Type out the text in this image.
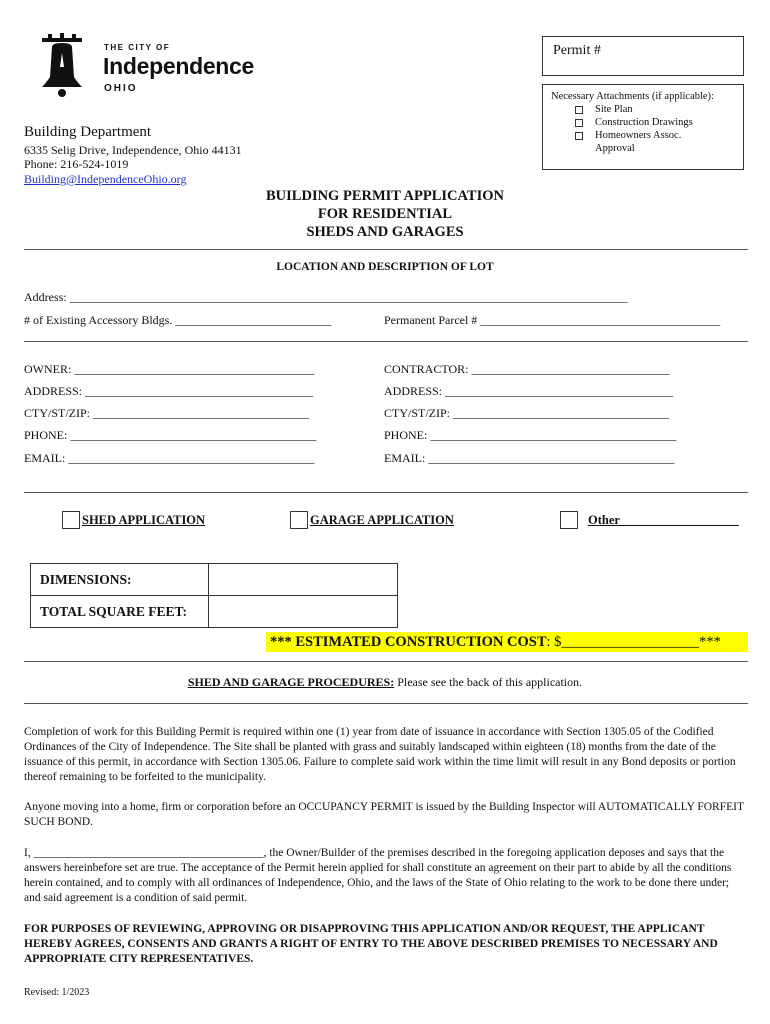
THE CITY OF
Independence
OHIO
Permit #
Necessary Attachments (if applicable):
Site Plan
Construction Drawings
Homeowners Assoc. Approval
Building Department
6335 Selig Drive, Independence, Ohio 44131
Phone: 216-524-1019
Building@IndependenceOhio.org
BUILDING PERMIT APPLICATION
FOR RESIDENTIAL
SHEDS AND GARAGES
LOCATION AND DESCRIPTION OF LOT
Address: _____________________________________________________________________________________________
# of Existing Accessory Bldgs. __________________________	Permanent Parcel # ________________________________________
OWNER: ________________________________________
ADDRESS: ______________________________________
CTY/ST/ZIP: ____________________________________
PHONE: _________________________________________
EMAIL: _________________________________________
CONTRACTOR: _________________________________
ADDRESS: ______________________________________
CTY/ST/ZIP: ____________________________________
PHONE: _________________________________________
EMAIL: _________________________________________
SHED APPLICATION	GARAGE APPLICATION	Other___________________
DIMENSIONS:	
TOTAL SQUARE FEET:	
*** ESTIMATED CONSTRUCTION COST: $___________________***
SHED AND GARAGE PROCEDURES: Please see the back of this application.
Completion of work for this Building Permit is required within one (1) year from date of issuance in accordance with Section 1305.05 of the Codified Ordinances of the City of Independence. The Site shall be planted with grass and suitably landscaped within eighteen (18) months from the date of the issuance of this permit, in accordance with Section 1305.06. Failure to complete said work within the time limit will result in any Bond deposits or portion thereof remaining to be forfeited to the municipality.
Anyone moving into a home, firm or corporation before an OCCUPANCY PERMIT is issued by the Building Inspector will AUTOMATICALLY FORFEIT SUCH BOND.
I, ________________________________________, the Owner/Builder of the premises described in the foregoing application deposes and says that the answers hereinbefore set are true. The acceptance of the Permit herein applied for shall constitute an agreement on their part to abide by all the conditions herein contained, and to comply with all ordinances of Independence, Ohio, and the laws of the State of Ohio relating to the work to be done there under; and said agreement is a condition of said permit.
FOR PURPOSES OF REVIEWING, APPROVING OR DISAPPROVING THIS APPLICATION AND/OR REQUEST, THE APPLICANT HEREBY AGREES, CONSENTS AND GRANTS A RIGHT OF ENTRY TO THE ABOVE DESCRIBED PREMISES TO NECESSARY AND APPROPRIATE CITY REPRESENTATIVES.
Revised: 1/2023
